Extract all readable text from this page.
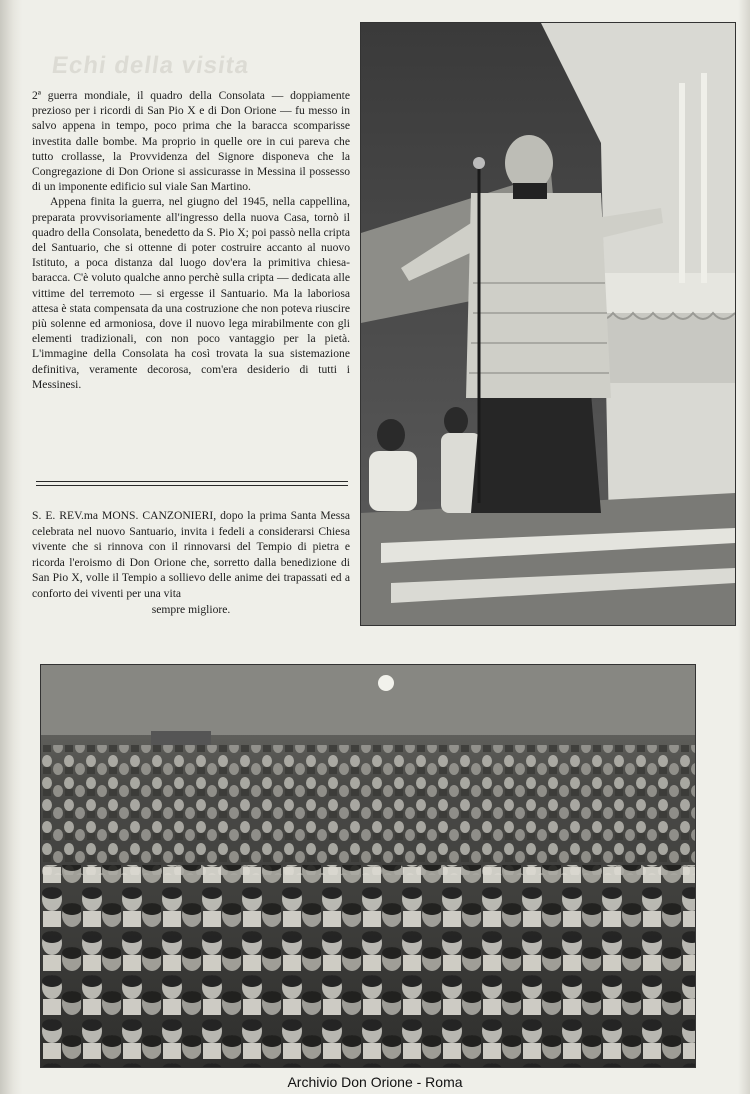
Echi della visita

2ª guerra mondiale, il quadro della Consolata — doppiamente prezioso per i ricordi di San Pio X e di Don Orione — fu messo in salvo appena in tempo, poco prima che la baracca scomparisse investita dalle bombe. Ma proprio in quelle ore in cui pareva che tutto crollasse, la Provvidenza del Signore disponeva che la Congregazione di Don Orione si assicurasse in Messina il possesso di un imponente edificio sul viale San Martino.

Appena finita la guerra, nel giugno del 1945, nella cappellina, preparata provvisoriamente all'ingresso della nuova Casa, tornò il quadro della Consolata, benedetto da S. Pio X; poi passò nella cripta del Santuario, che si ottenne di poter costruire accanto al nuovo Istituto, a poca distanza dal luogo dov'era la primitiva chiesa-baracca. C'è voluto qualche anno perchè sulla cripta — dedicata alle vittime del terremoto — si ergesse il Santuario. Ma la laboriosa attesa è stata compensata da una costruzione che non poteva riuscire più solenne ed armoniosa, dove il nuovo lega mirabilmente con gli elementi tradizionali, con non poco vantaggio per la pietà. L'immagine della Consolata ha così trovata la sua sistemazione definitiva, veramente decorosa, com'era desiderio di tutti i Messinesi.

S. E. REV.ma MONS. CANZONIERI, dopo la prima Santa Messa celebrata nel nuovo Santuario, invita i fedeli a considerarsi Chiesa vivente che si rinnova con il rinnovarsi del Tempio di pietra e ricorda l'eroismo di Don Orione che, sorretto dalla benedizione di San Pio X, volle il Tempio a sollievo delle anime dei trapassati ed a conforto dei viventi per una vita
sempre migliore.
Archivio Don Orione - Roma
